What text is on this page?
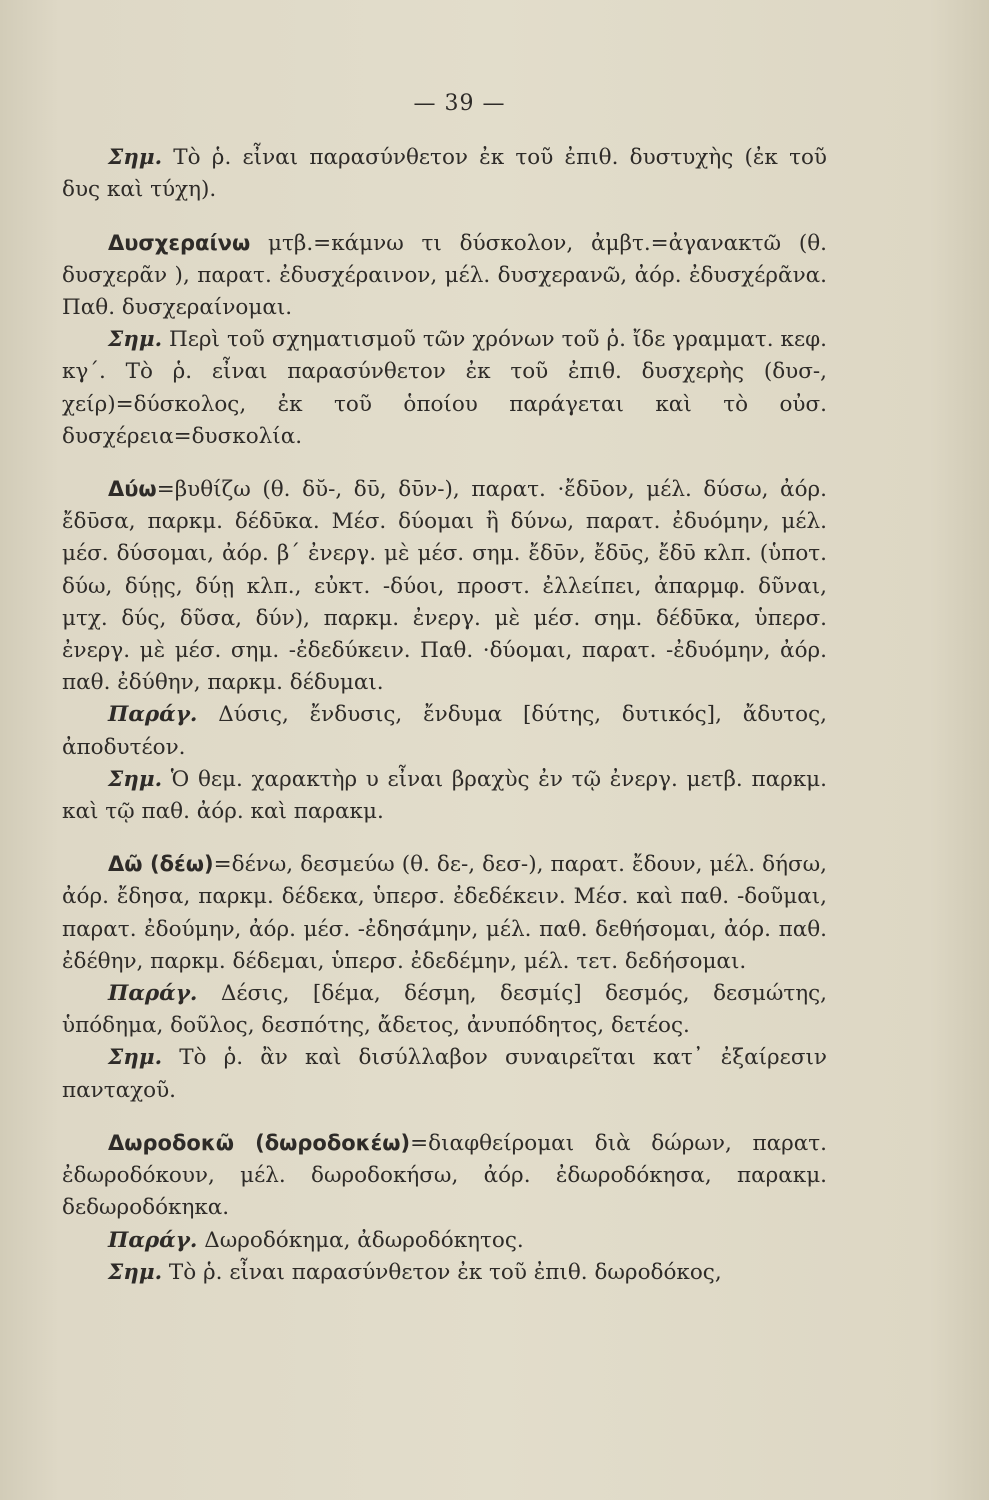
— 39 —

Σημ. Τὸ ῥ. εἶναι παρασύνθετον ἐκ τοῦ ἐπιθ. δυστυχὴς (ἐκ τοῦ δυς καὶ τύχη).

Δυσχεραίνω μτβ.=κάμνω τι δύσκολον, ἀμβτ.=ἀγανακτῶ (θ. δυσχερᾶν ), παρατ. ἐδυσχέραινον, μέλ. δυσχερανῶ, ἀόρ. ἐδυσχέρᾶνα. Παθ. δυσχεραίνομαι.

Σημ. Περὶ τοῦ σχηματισμοῦ τῶν χρόνων τοῦ ῥ. ἴδε γραμματ. κεφ. κγ΄. Τὸ ῥ. εἶναι παρασύνθετον ἐκ τοῦ ἐπιθ. δυσχερὴς (δυσ-, χείρ)=δύσκολος, ἐκ τοῦ ὁποίου παράγεται καὶ τὸ οὐσ. δυσχέρεια=δυσκολία.

Δύω=βυθίζω (θ. δῠ-, δῡ, δῡν-), παρατ. ·ἔδῡον, μέλ. δύσω, ἀόρ. ἔδῡσα, παρκμ. δέδῡκα. Μέσ. δύομαι ἢ δύνω, παρατ. ἐδυόμην, μέλ. μέσ. δύσομαι, ἀόρ. β΄ ἐνεργ. μὲ μέσ. σημ. ἔδῡν, ἔδῡς, ἔδῡ κλπ. (ὑποτ. δύω, δύῃς, δύῃ κλπ., εὐκτ. -δύοι, προστ. ἐλλείπει, ἀπαρμφ. δῦναι, μτχ. δύς, δῦσα, δύν), παρκμ. ἐνεργ. μὲ μέσ. σημ. δέδῡκα, ὑπερσ. ἐνεργ. μὲ μέσ. σημ. -ἐδεδύκειν. Παθ. ·δύομαι, παρατ. -ἐδυόμην, ἀόρ. παθ. ἐδύθην, παρκμ. δέδυμαι.

Παράγ. Δύσις, ἔνδυσις, ἔνδυμα [δύτης, δυτικός], ἄδυτος, ἀποδυτέον.

Σημ. Ὁ θεμ. χαρακτὴρ υ εἶναι βραχὺς ἐν τῷ ἐνεργ. μετβ. παρκμ. καὶ τῷ παθ. ἀόρ. καὶ παρακμ.

Δῶ (δέω)=δένω, δεσμεύω (θ. δε-, δεσ-), παρατ. ἔδουν, μέλ. δήσω, ἀόρ. ἔδησα, παρκμ. δέδεκα, ὑπερσ. ἐδεδέκειν. Μέσ. καὶ παθ. -δοῦμαι, παρατ. ἐδούμην, ἀόρ. μέσ. -ἐδησάμην, μέλ. παθ. δεθήσομαι, ἀόρ. παθ. ἐδέθην, παρκμ. δέδεμαι, ὑπερσ. ἐδεδέμην, μέλ. τετ. δεδήσομαι.

Παράγ. Δέσις, [δέμα, δέσμη, δεσμίς] δεσμός, δεσμώτης, ὑπόδημα, δοῦλος, δεσπότης, ἄδετος, ἀνυπόδητος, δετέος.

Σημ. Τὸ ῥ. ἂν καὶ δισύλλαβον συναιρεῖται κατ᾿ ἐξαίρεσιν πανταχοῦ.

Δωροδοκῶ (δωροδοκέω)=διαφθείρομαι διὰ δώρων, παρατ. ἐδωροδόκουν, μέλ. δωροδοκήσω, ἀόρ. ἐδωροδόκησα, παρακμ. δεδωροδόκηκα.

Παράγ. Δωροδόκημα, ἀδωροδόκητος.

Σημ. Τὸ ῥ. εἶναι παρασύνθετον ἐκ τοῦ ἐπιθ. δωροδόκος,
